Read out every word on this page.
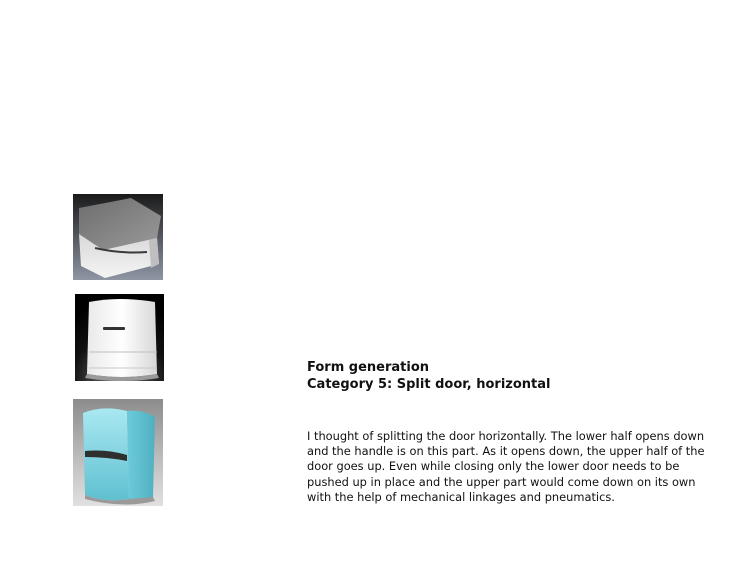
Form generation
Category 5: Split door, horizontal
I thought of splitting the door horizontally. The lower half opens down
and the handle is on this part. As it opens down, the upper half of the
door goes up. Even while closing only the lower door needs to be
pushed up in place and the upper part would come down on its own
with the help of mechanical linkages and pneumatics.
